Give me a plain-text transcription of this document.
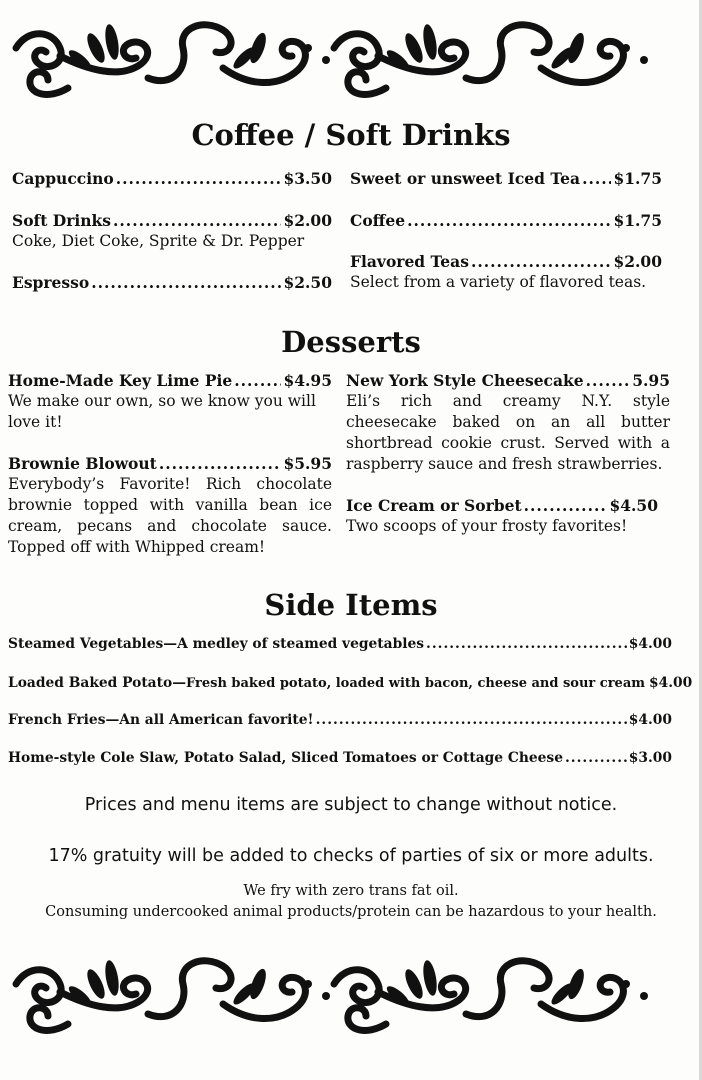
Coffee / Soft Drinks
Cappuccino .....	$3.50
Soft Drinks .....	$2.00
Coke, Diet Coke, Sprite & Dr. Pepper
Espresso .....	$2.50
Sweet or unsweet Iced Tea ..... $1.75
Coffee .....	$1.75
Flavored Teas .....	$2.00
Select from a variety of flavored teas.
Desserts
Home-Made Key Lime Pie .....	$4.95
We make our own, so we know you will love it!
Brownie Blowout .....	$5.95
Everybody’s Favorite! Rich chocolate brownie topped with vanilla bean ice cream, pecans and chocolate sauce. Topped off with Whipped cream!
New York Style Cheesecake .....	5.95
Eli’s rich and creamy N.Y. style cheesecake baked on an all butter shortbread cookie crust. Served with a raspberry sauce and fresh strawberries.
Ice Cream or Sorbet .....	$4.50
Two scoops of your frosty favorites!
Side Items
Steamed Vegetables—A medley of steamed vegetables .....	$4.00
Loaded Baked Potato— Fresh baked potato, loaded with bacon, cheese and sour cream $4.00
French Fries—An all American favorite! .....	$4.00
Home-style Cole Slaw, Potato Salad, Sliced Tomatoes or Cottage Cheese .....	$3.00
Prices and menu items are subject to change without notice.
17% gratuity will be added to checks of parties of six or more adults.
We fry with zero trans fat oil.
Consuming undercooked animal products/protein can be hazardous to your health.
